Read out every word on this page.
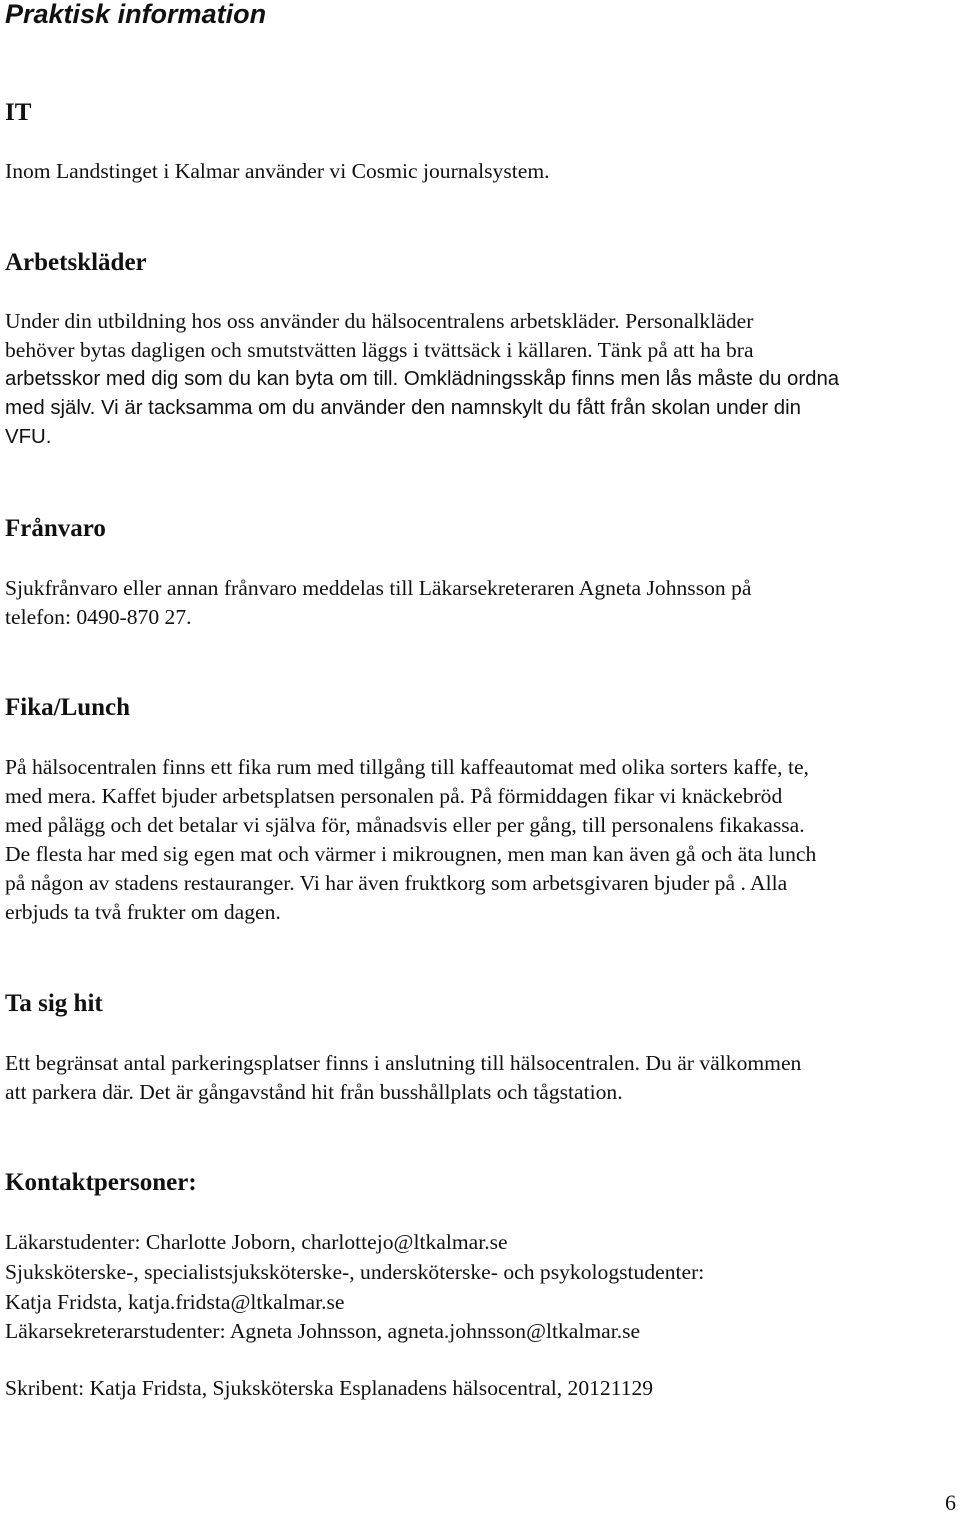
Praktisk information
IT
Inom Landstinget i Kalmar använder vi Cosmic journalsystem.
Arbetskläder
Under din utbildning hos oss använder du hälsocentralens arbetskläder. Personalkläder
behöver bytas dagligen och smutstvätten läggs i tvättsäck i källaren. Tänk på att ha bra
arbetsskor med dig som du kan byta om till. Omklädningsskåp finns men lås måste du ordna
med själv. Vi är tacksamma om du använder den namnskylt du fått från skolan under din
VFU.
Frånvaro
Sjukfrånvaro eller annan frånvaro meddelas till Läkarsekreteraren Agneta Johnsson på
telefon: 0490-870 27.
Fika/Lunch
På hälsocentralen finns ett fika rum med tillgång till kaffeautomat med olika sorters kaffe, te,
med mera. Kaffet bjuder arbetsplatsen personalen på. På förmiddagen fikar vi knäckebröd
med pålägg och det betalar vi själva för, månadsvis eller per gång, till personalens fikakassa.
De flesta har med sig egen mat och värmer i mikrougnen, men man kan även gå och äta lunch
på någon av stadens restauranger. Vi har även fruktkorg som arbetsgivaren bjuder på . Alla
erbjuds ta två frukter om dagen.
Ta sig hit
Ett begränsat antal parkeringsplatser finns i anslutning till hälsocentralen. Du är välkommen
att parkera där. Det är gångavstånd hit från busshållplats och tågstation.
Kontaktpersoner:
Läkarstudenter: Charlotte Joborn, charlottejo@ltkalmar.se
Sjuksköterske-, specialistsjuksköterske-, undersköterske- och psykologstudenter:
Katja Fridsta, katja.fridsta@ltkalmar.se
Läkarsekreterarstudenter: Agneta Johnsson, agneta.johnsson@ltkalmar.se
Skribent: Katja Fridsta, Sjuksköterska Esplanadens hälsocentral, 20121129
6
